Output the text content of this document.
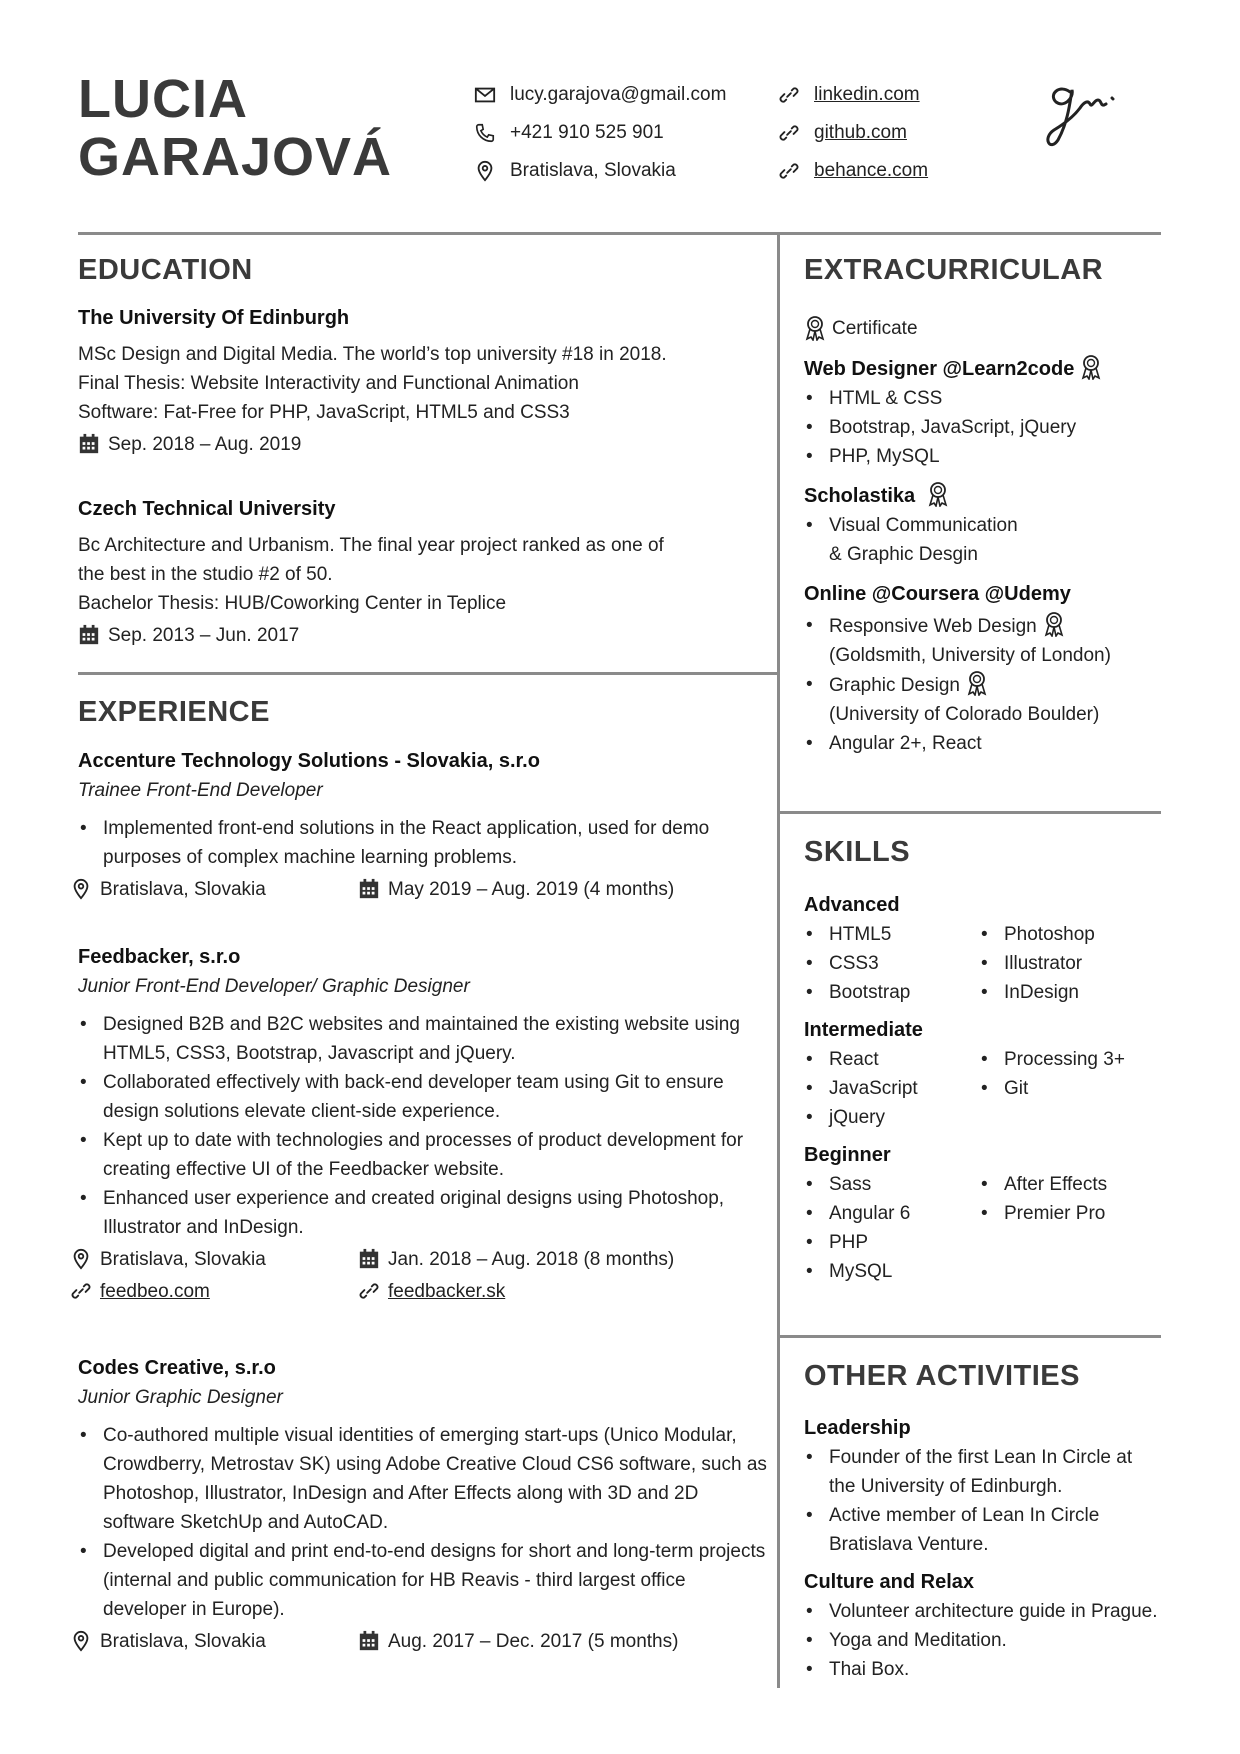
LUCIA
GARAJOVÁ
lucy.garajova@gmail.com
+421 910 525 901
Bratislava, Slovakia
linkedin.com
github.com
behance.com
EDUCATION
The University Of Edinburgh
MSc Design and Digital Media. The world’s top university #18 in 2018.
Final Thesis: Website Interactivity and Functional Animation
Software: Fat-Free for PHP, JavaScript, HTML5 and CSS3
Sep. 2018 – Aug. 2019
Czech Technical University
Bc Architecture and Urbanism. The final year project ranked as one of
the best in the studio #2 of 50.
Bachelor Thesis: HUB/Coworking Center in Teplice
Sep. 2013 – Jun. 2017
EXPERIENCE
Accenture Technology Solutions - Slovakia, s.r.o
Trainee Front-End Developer
• Implemented front-end solutions in the React application, used for demo purposes of complex machine learning problems.
Bratislava, Slovakia	May 2019 – Aug. 2019 (4 months)
Feedbacker, s.r.o
Junior Front-End Developer/ Graphic Designer
• Designed B2B and B2C websites and maintained the existing website using HTML5, CSS3, Bootstrap, Javascript and jQuery.
• Collaborated effectively with back-end developer team using Git to ensure design solutions elevate client-side experience.
• Kept up to date with technologies and processes of product development for creating effective UI of the Feedbacker website.
• Enhanced user experience and created original designs using Photoshop, Illustrator and InDesign.
Bratislava, Slovakia	Jan. 2018 – Aug. 2018 (8 months)
feedbeo.com	feedbacker.sk
Codes Creative, s.r.o
Junior Graphic Designer
• Co-authored multiple visual identities of emerging start-ups (Unico Modular, Crowdberry, Metrostav SK) using Adobe Creative Cloud CS6 software, such as Photoshop, Illustrator, InDesign and After Effects along with 3D and 2D software SketchUp and AutoCAD.
• Developed digital and print end-to-end designs for short and long-term projects (internal and public communication for HB Reavis - third largest office developer in Europe).
Bratislava, Slovakia	Aug. 2017 – Dec. 2017 (5 months)
EXTRACURRICULAR
Certificate
Web Designer @Learn2code
• HTML & CSS
• Bootstrap, JavaScript, jQuery
• PHP, MySQL
Scholastika
• Visual Communication
& Graphic Desgin
Online @Coursera @Udemy
• Responsive Web Design
(Goldsmith, University of London)
• Graphic Design
(University of Colorado Boulder)
• Angular 2+, React
SKILLS
Advanced
• HTML5
• CSS3
• Bootstrap
• Photoshop
• Illustrator
• InDesign
Intermediate
• React
• JavaScript
• jQuery
• Processing 3+
• Git
Beginner
• Sass
• Angular 6
• PHP
• MySQL
• After Effects
• Premier Pro
OTHER ACTIVITIES
Leadership
• Founder of the first Lean In Circle at the University of Edinburgh.
• Active member of Lean In Circle Bratislava Venture.
Culture and Relax
• Volunteer architecture guide in Prague.
• Yoga and Meditation.
• Thai Box.
